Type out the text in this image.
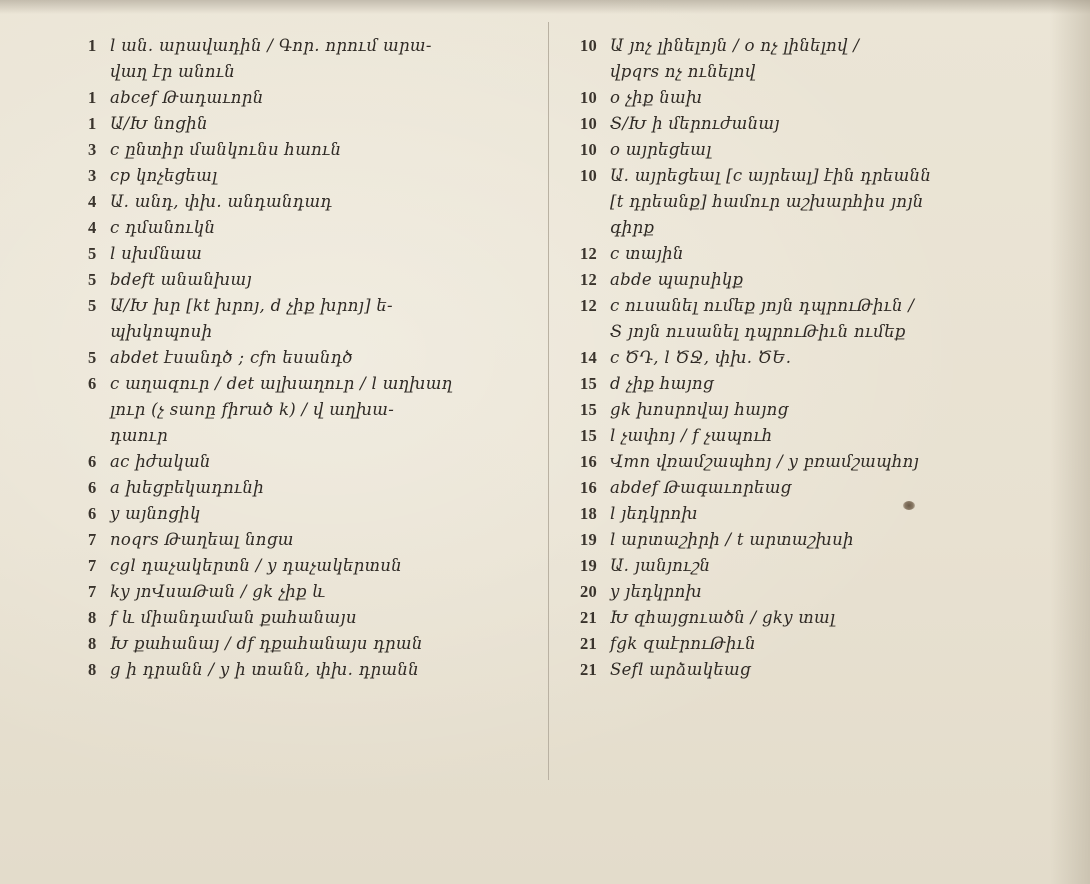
1 l ան. արավադին / Գոր. որում արա-
վաղ էր անուն
1 abcef Թադաւորն
1 Ա/Խ նոցին
3 c ընտիր մանկունս հաուն
3 cp կոչեցեալ
4 Ա. անդ, փխ. անդանդադ
4 c դմանուկն
5 l սխմնաա
5 bdeft անանխայ
5 Ա/Խ խր [kt խրոյ, d չիք խրոյ] ե-
պխկոպոսի
5 abdet էսանդծ ; cfn եսանդծ
6 c աղազուր / det ալխաղուր / l աղխաղ
լուր (չ sաnը fիrած k) / վ աղխա-
դաուր
6 ac իժական
6 a խեցբեկադունի
6 y այնոցիկ
7 noqrs Թաղեալ նոցա
7 cgl դաչակերտն / y դաչակերտսն
7 ky յոՎսաԹան / gk չիք և
8 f և միանդաման քահանայս
8 Խ քահանայ / df դքահանայս դրան
8 g ի դրանն / y ի տանն, փխ. դրանն
10 Ա յոչ լինելոյն / օ ոչ լինելով /
վpqrs ոչ ունելով
10 o չիք նախ
10 Տ/Խ ի մերուժանայ
10 o այրեցեալ
10 Ա. այրեցեալ [c այրեալ] էին դրեանն
[t դրեանք] համուր աշխարհիս յոյն
գիրք
12 c տային
12 abde պարսիկք
12 c ուսանել ումեք յոյն դպրուԹիւն /
Տ յոյն ուսանել դպրուԹիւն ումեք
14 c ԾԴ, l ԾՋ, փխ. ԾԵ.
15 d չիք հայոց
15 gk խոսրովայ հայոց
15 l չափոյ / f չապուհ
16 Վmn վռամշապհոյ / y բռամշապհոյ
16 abdef Թագաւորեաց
18 l յեդկրոխ
19 l արտաշիրի / t արտաշխսի
19 Ա. յանյուշն
20 y յեդկրոխ
21 Խ զհայցուածն / gky տալ
21 fgk զաէրուԹիւն
21 Sefl արձակեաց
